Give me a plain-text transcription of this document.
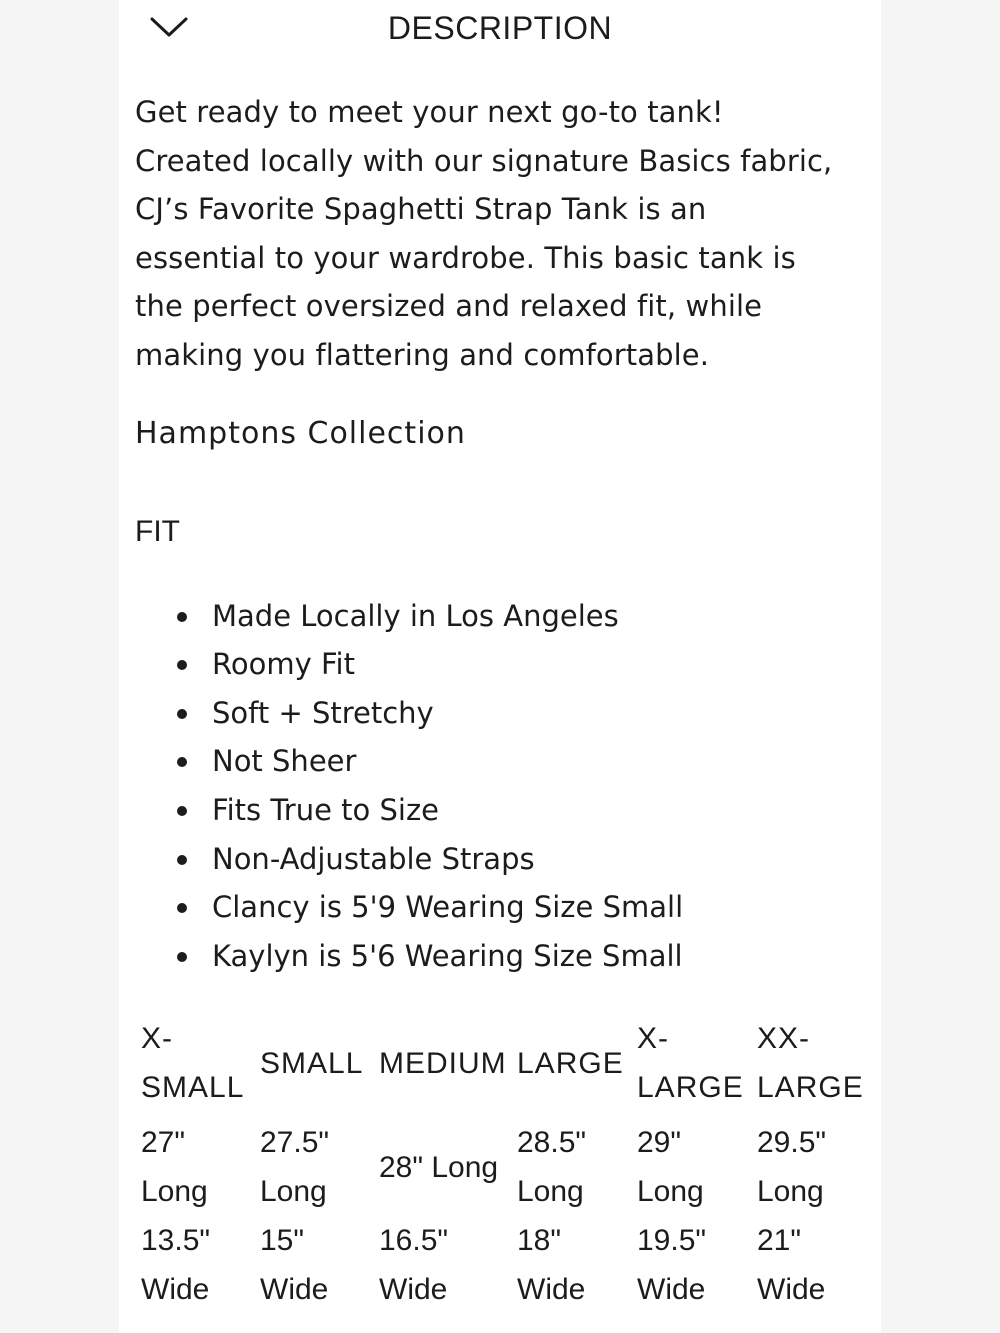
DESCRIPTION

Get ready to meet your next go-to tank!
Created locally with our signature Basics fabric,
CJ’s Favorite Spaghetti Strap Tank is an
essential to your wardrobe. This basic tank is
the perfect oversized and relaxed fit, while
making you flattering and comfortable.

Hamptons Collection
FIT
Made Locally in Los Angeles
Roomy Fit
Soft + Stretchy
Not Sheer
Fits True to Size
Non-Adjustable Straps
Clancy is 5'9 Wearing Size Small
Kaylyn is 5'6 Wearing Size Small
X-SMALL	SMALL	MEDIUM	LARGE	X-LARGE	XX-LARGE
27" Long	27.5" Long	28" Long	28.5" Long	29" Long	29.5" Long
13.5" Wide	15" Wide	16.5" Wide	18" Wide	19.5" Wide	21" Wide
